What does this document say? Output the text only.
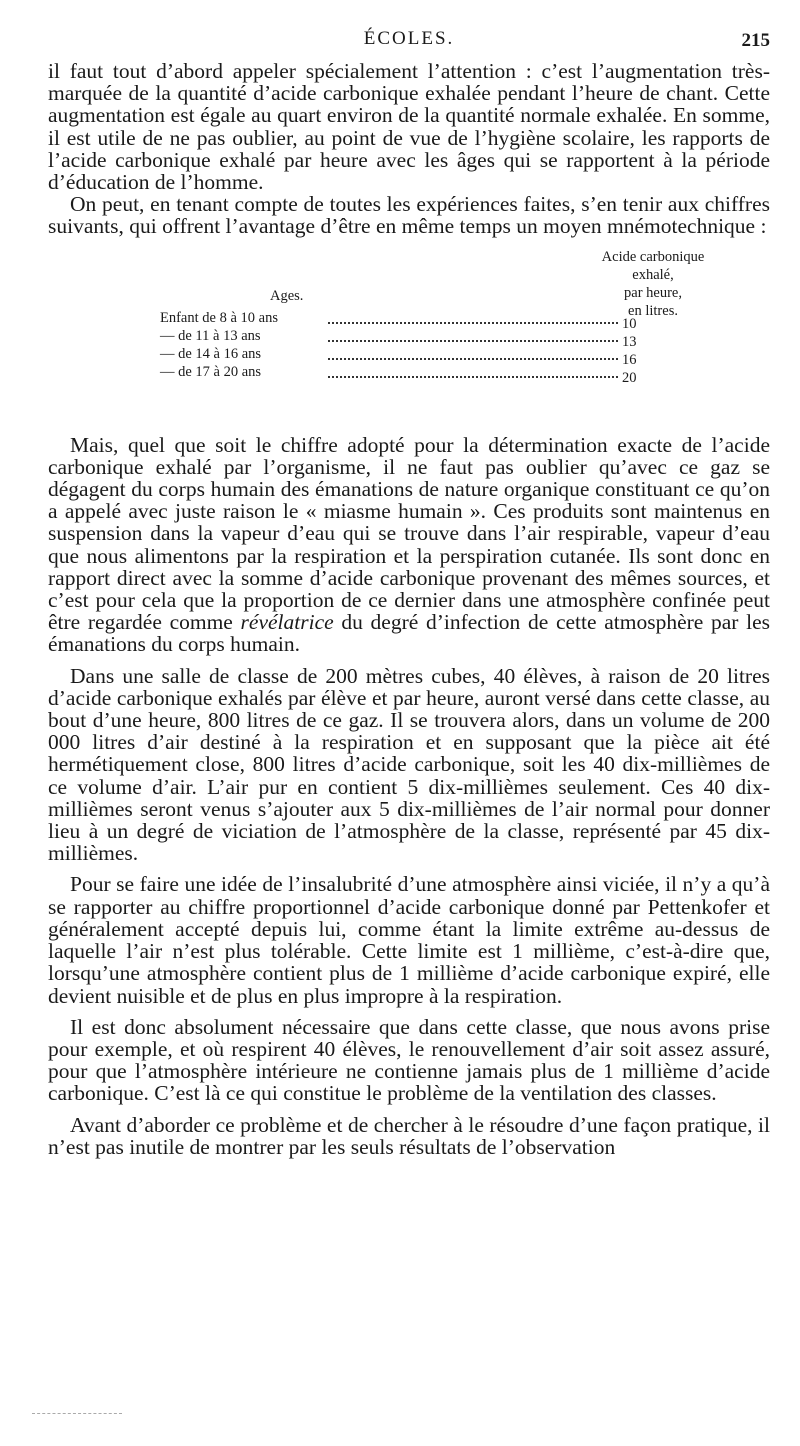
ÉCOLES.	215

il faut tout d’abord appeler spécialement l’attention : c’est l’augmentation très-marquée de la quantité d’acide carbonique exhalée pendant l’heure de chant. Cette augmentation est égale au quart environ de la quantité normale exhalée. En somme, il est utile de ne pas oublier, au point de vue de l’hygiène scolaire, les rapports de l’acide carbonique exhalé par heure avec les âges qui se rapportent à la période d’éducation de l’homme.

On peut, en tenant compte de toutes les expériences faites, s’en tenir aux chiffres suivants, qui offrent l’avantage d’être en même temps un moyen mnémotechnique :

Acide carbonique
exhalé,
par heure,
en litres.
Ages.
Enfant de 8 à 10 ans	10
— de 11 à 13 ans	13
— de 14 à 16 ans	16
— de 17 à 20 ans	20

Mais, quel que soit le chiffre adopté pour la détermination exacte de l’acide carbonique exhalé par l’organisme, il ne faut pas oublier qu’avec ce gaz se dégagent du corps humain des émanations de nature organique constituant ce qu’on a appelé avec juste raison le « miasme humain ». Ces produits sont maintenus en suspension dans la vapeur d’eau qui se trouve dans l’air respirable, vapeur d’eau que nous alimentons par la respiration et la perspiration cutanée. Ils sont donc en rapport direct avec la somme d’acide carbonique provenant des mêmes sources, et c’est pour cela que la proportion de ce dernier dans une atmosphère confinée peut être regardée comme révélatrice du degré d’infection de cette atmosphère par les émanations du corps humain.

Dans une salle de classe de 200 mètres cubes, 40 élèves, à raison de 20 litres d’acide carbonique exhalés par élève et par heure, auront versé dans cette classe, au bout d’une heure, 800 litres de ce gaz. Il se trouvera alors, dans un volume de 200 000 litres d’air destiné à la respiration et en supposant que la pièce ait été hermétiquement close, 800 litres d’acide carbonique, soit les 40 dix-millièmes de ce volume d’air. L’air pur en contient 5 dix-millièmes seulement. Ces 40 dix-millièmes seront venus s’ajouter aux 5 dix-millièmes de l’air normal pour donner lieu à un degré de viciation de l’atmosphère de la classe, représenté par 45 dix-millièmes.

Pour se faire une idée de l’insalubrité d’une atmosphère ainsi viciée, il n’y a qu’à se rapporter au chiffre proportionnel d’acide carbonique donné par Pettenkofer et généralement accepté depuis lui, comme étant la limite extrême au-dessus de laquelle l’air n’est plus tolérable. Cette limite est 1 millième, c’est-à-dire que, lorsqu’une atmosphère contient plus de 1 millième d’acide carbonique expiré, elle devient nuisible et de plus en plus impropre à la respiration.

Il est donc absolument nécessaire que dans cette classe, que nous avons prise pour exemple, et où respirent 40 élèves, le renouvellement d’air soit assez assuré, pour que l’atmosphère intérieure ne contienne jamais plus de 1 millième d’acide carbonique. C’est là ce qui constitue le problème de la ventilation des classes.

Avant d’aborder ce problème et de chercher à le résoudre d’une façon pratique, il n’est pas inutile de montrer par les seuls résultats de l’observation
